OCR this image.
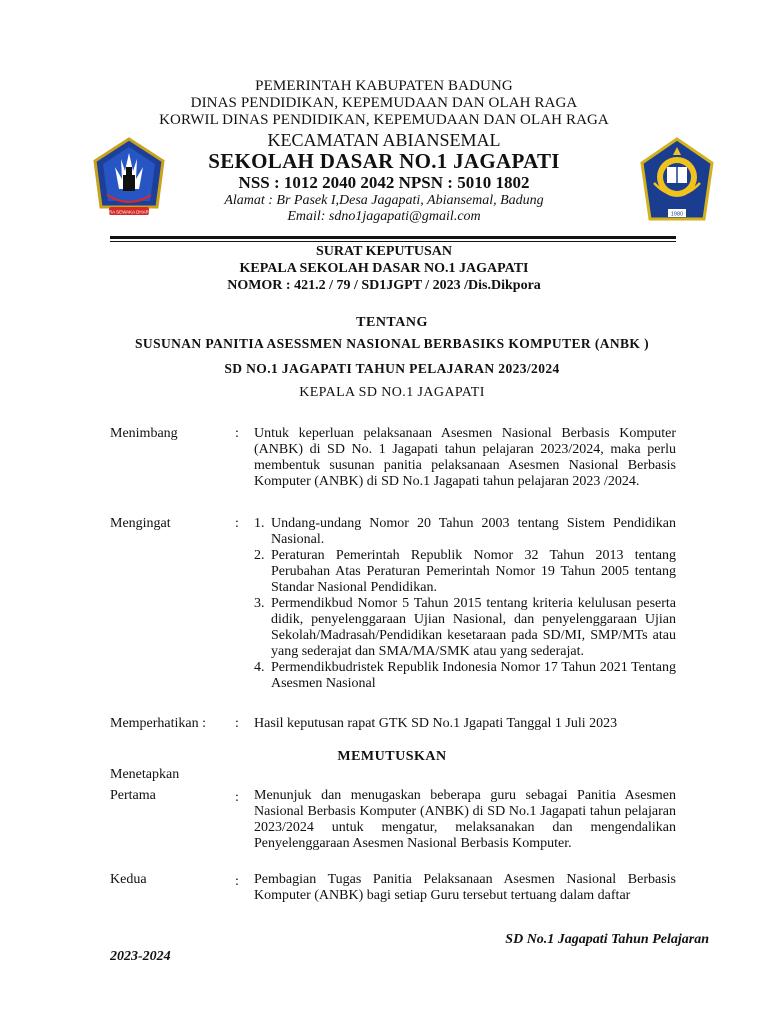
CURA SEWAKA DHARMA	1980
PEMERINTAH KABUPATEN BADUNG
DINAS PENDIDIKAN, KEPEMUDAAN DAN OLAH RAGA
KORWIL DINAS PENDIDIKAN, KEPEMUDAAN DAN OLAH RAGA
KECAMATAN ABIANSEMAL
SEKOLAH DASAR NO.1 JAGAPATI
NSS : 1012 2040 2042 NPSN : 5010 1802
Alamat : Br Pasek I,Desa Jagapati, Abiansemal, Badung
Email: sdno1jagapati@gmail.com
SURAT KEPUTUSAN
KEPALA SEKOLAH DASAR NO.1 JAGAPATI
NOMOR : 421.2 / 79 / SD1JGPT / 2023 /Dis.Dikpora
TENTANG
SUSUNAN PANITIA ASESSMEN NASIONAL BERBASIKS KOMPUTER (ANBK )
SD NO.1 JAGAPATI TAHUN PELAJARAN 2023/2024
KEPALA SD NO.1 JAGAPATI
Menimbang	: Untuk keperluan pelaksanaan Asesmen Nasional Berbasis Komputer (ANBK) di SD No. 1 Jagapati tahun pelajaran 2023/2024, maka perlu membentuk susunan panitia pelaksanaan Asesmen Nasional Berbasis Komputer (ANBK) di SD No.1 Jagapati tahun pelajaran 2023 /2024.
Mengingat	: 1. Undang-undang Nomor 20 Tahun 2003 tentang Sistem Pendidikan Nasional.
2. Peraturan Pemerintah Republik Nomor 32 Tahun 2013 tentang Perubahan Atas Peraturan Pemerintah Nomor 19 Tahun 2005 tentang Standar Nasional Pendidikan.
3. Permendikbud Nomor 5 Tahun 2015 tentang kriteria kelulusan peserta didik, penyelenggaraan Ujian Nasional, dan penyelenggaraan Ujian Sekolah/Madrasah/Pendidikan kesetaraan pada SD/MI, SMP/MTs atau yang sederajat dan SMA/MA/SMK atau yang sederajat.
4. Permendikbudristek Republik Indonesia Nomor 17 Tahun 2021 Tentang Asesmen Nasional
Memperhatikan : : Hasil keputusan rapat GTK SD No.1 Jgapati Tanggal 1 Juli 2023
MEMUTUSKAN
Menetapkan
Pertama	: Menunjuk dan menugaskan beberapa guru sebagai Panitia Asesmen Nasional Berbasis Komputer (ANBK) di SD No.1 Jagapati tahun pelajaran 2023/2024 untuk mengatur, melaksanakan dan mengendalikan Penyelenggaraan Asesmen Nasional Berbasis Komputer.
Kedua	: Pembagian Tugas Panitia Pelaksanaan Asesmen Nasional Berbasis Komputer (ANBK) bagi setiap Guru tersebut tertuang dalam daftar
SD No.1 Jagapati Tahun Pelajaran
2023-2024
